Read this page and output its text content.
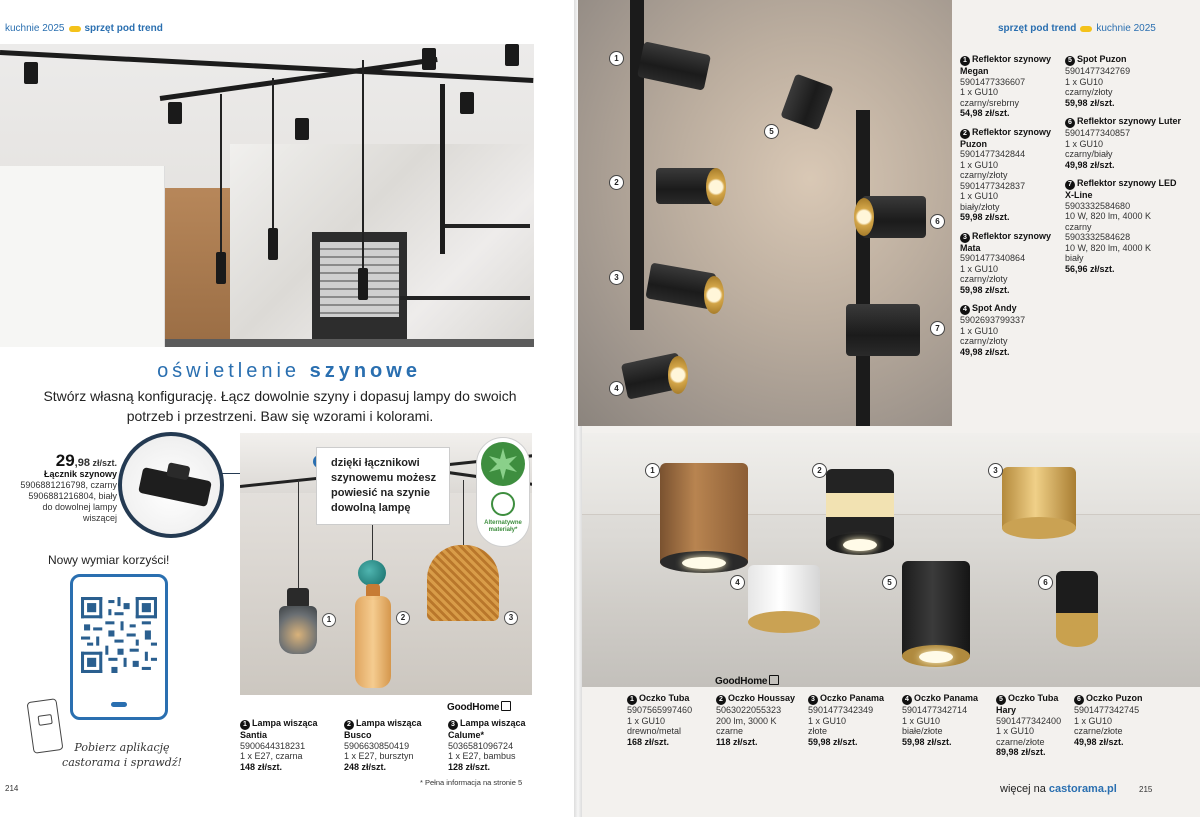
kuchnie 2025 sprzęt pod trend
oświetlenie szynowe
Stwórz własną konfigurację. Łącz dowolnie szyny i dopasuj lampy do swoich potrzeb i przestrzeni. Baw się wzorami i kolorami.
29,98 zł/szt.
Łącznik szynowy
5906881216798, czarny
5906881216804, biały
do dowolnej lampy
wiszącej
Nowy wymiar korzyści!
Pobierz aplikację castorama i sprawdź!
1	2	3
dzięki łącznikowi szynowemu możesz powiesić na szynie dowolną lampę
Alternatywne materiały*
GoodHome
1 Lampa wisząca Santia
5900644318231
1 x E27, czarna
148 zł/szt.
2 Lampa wisząca Busco
5906630850419
1 x E27, bursztyn
248 zł/szt.
3 Lampa wisząca Calume*
5036581096724
1 x E27, bambus
128 zł/szt.
* Pełna informacja na stronie 5
214
1
2
3
4
5
6
7
sprzęt pod trend kuchnie 2025
1 Reflektor szynowy Megan
5901477336607
1 x GU10
czarny/srebrny
54,98 zł/szt.
2 Reflektor szynowy Puzon
5901477342844
1 x GU10
czarny/złoty
5901477342837
1 x GU10
biały/złoty
59,98 zł/szt.
3 Reflektor szynowy Mata
5901477340864
1 x GU10
czarny/złoty
59,98 zł/szt.
4 Spot Andy
5902693799337
1 x GU10
czarny/złoty
49,98 zł/szt.
5 Spot Puzon
5901477342769
1 x GU10
czarny/złoty
59,98 zł/szt.
6 Reflektor szynowy Luter
5901477340857
1 x GU10
czarny/biały
49,98 zł/szt.
7 Reflektor szynowy LED X-Line
5903332584680
10 W, 820 lm, 4000 K
czarny
5903332584628
10 W, 820 lm, 4000 K
biały
56,96 zł/szt.
1	2	3
4	5	6
GoodHome
1 Oczko Tuba
5907565997460
1 x GU10
drewno/metal
168 zł/szt.
2 Oczko Houssay
5063022055323
200 lm, 3000 K
czarne
118 zł/szt.
3 Oczko Panama
5901477342349
1 x GU10
złote
59,98 zł/szt.
4 Oczko Panama
5901477342714
1 x GU10
białe/złote
59,98 zł/szt.
5 Oczko Tuba Hary
5901477342400
1 x GU10
czarne/złote
89,98 zł/szt.
6 Oczko Puzon
5901477342745
1 x GU10
czarne/złote
49,98 zł/szt.
więcej na castorama.pl	215
